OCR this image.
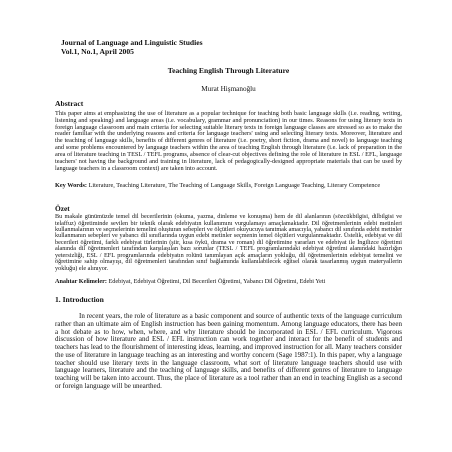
Journal of Language and Linguistic Studies
Vol.1, No.1, April 2005
Teaching English Through Literature
Murat Hişmanoğlu
Abstract

This paper aims at emphasizing the use of literature as a popular technique for teaching both basic language skills (i.e. reading, writing, listening and speaking) and language areas (i.e. vocabulary, grammar and pronunciation) in our times. Reasons for using literary texts in foreign language classroom and main criteria for selecting suitable literary texts in foreign language classes are stressed so as to make the reader familiar with the underlying reasons and criteria for language teachers' using and selecting literary texts. Moreover, literature and the teaching of language skills, benefits of different genres of literature (i.e. poetry, short fiction, drama and novel) to language teaching and some problems encountered by language teachers within the area of teaching English through literature (i.e. lack of preparation in the area of literature teaching in TESL / TEFL programs, absence of clear-cut objectives defining the role of literature in ESL / EFL, language teachers' not having the background and training in literature, lack of pedagogically-designed appropriate materials that can be used by language teachers in a classroom context) are taken into account.

Key Words: Literature, Teaching Literature, The Teaching of Language Skills, Foreign Language Teaching, Literary Competence

Özet

Bu makale günümüzde temel dil becerilerinin (okuma, yazma, dinleme ve konuşma) hem de dil alanlarının (sözcükbilgisi, dilbilgisi ve telaffuz) öğretiminde sevilen bir teknik olarak edebiyatın kullanımını vurgulamayı amaçlamaktadır. Dil öğretmenlerinin edebi metinleri kullanmalarının ve seçmelerinin temelini oluşturan sebepleri ve ölçütleri okuyucuya tanıtmak amacıyla, yabancı dil sınıfında edebi metinler kullanmanın sebepleri ve yabancı dil sınıflarında uygun edebi metinler seçmenin temel ölçütleri vurgulanmaktadır. Üstelik, edebiyat ve dil becerileri öğretimi, farklı edebiyat türlerinin (şiir, kısa öykü, drama ve roman) dil öğretimine yararları ve edebiyat ile İngilizce öğretimi alanında dil öğretmenleri tarafından karşılaşılan bazı sorunlar (TESL / TEFL programlarındaki edebiyat öğretimi alanındaki hazırlığın yetersizliği, ESL / EFL programlarında edebiyatın rolünü tanımlayan açık amaçların yokluğu, dil öğretmenlerinin edebiyat temelini ve öğretimine sahip olmayışı, dil öğretmenleri tarafından sınıf bağlamında kullanılabilecek eğitsel olarak tasarlanmış uygun materyallerin yokluğu) ele alınıyor.

Anahtar Kelimeler: Edebiyat, Edebiyat Öğretimi, Dil Becerileri Öğretimi, Yabancı Dil Öğretimi, Edebi Yeti

1. Introduction

In recent years, the role of literature as a basic component and source of authentic texts of the language curriculum rather than an ultimate aim of English instruction has been gaining momentum. Among language educators, there has been a hot debate as to how, when, where, and why literature should be incorporated in ESL / EFL curriculum. Vigorous discussion of how literature and ESL / EFL instruction can work together and interact for the benefit of students and teachers has lead to the flourishment of interesting ideas, learning, and improved instruction for all. Many teachers consider the use of literature in language teaching as an interesting and worthy concern (Sage 1987:1). In this paper, why a language teacher should use literary texts in the language classroom, what sort of literature language teachers should use with language learners, literature and the teaching of language skills, and benefits of different genres of literature to language teaching will be taken into account. Thus, the place of literature as a tool rather than an end in teaching English as a second or foreign language will be unearthed.
